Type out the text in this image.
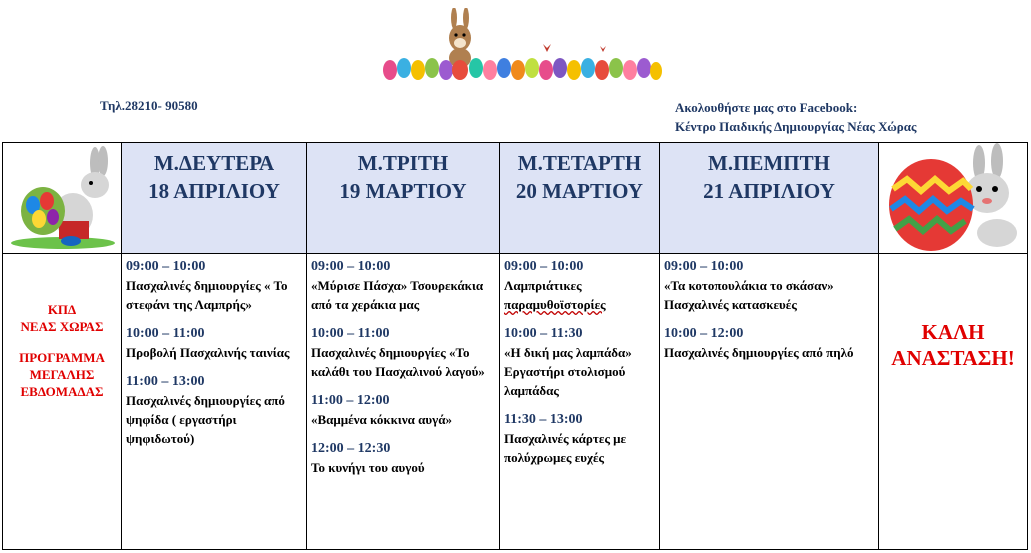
Τηλ.28210- 90580	Ακολουθήστε μας στο Facebook:
Κέντρο Παιδικής Δημιουργίας Νέας Χώρας
Μ.ΔΕΥΤΕΡΑ
18 ΑΠΡΙΛΙΟΥ
Μ.ΤΡΙΤΗ
19 ΜΑΡΤΙΟΥ
Μ.ΤΕΤΑΡΤΗ
20 ΜΑΡΤΙΟΥ
Μ.ΠΕΜΠΤΗ
21 ΑΠΡΙΛΙΟΥ
ΚΠΔ
ΝΕΑΣ ΧΩΡΑΣ
ΠΡΟΓΡΑΜΜΑ
ΜΕΓΑΛΗΣ
ΕΒΔΟΜΑΔΑΣ
09:00 – 10:00
Πασχαλινές δημιουργίες « Το στεφάνι της Λαμπρής»
10:00 – 11:00
Προβολή Πασχαλινής ταινίας
11:00 – 13:00
Πασχαλινές δημιουργίες από ψηφίδα ( εργαστήρι ψηφιδωτού)
09:00 – 10:00
«Μύρισε Πάσχα» Τσουρεκάκια από τα χεράκια μας
10:00 – 11:00
Πασχαλινές δημιουργίες «Το καλάθι του Πασχαλινού λαγού»
11:00 – 12:00
«Βαμμένα κόκκινα αυγά»
12:00 – 12:30
Το κυνήγι του αυγού
09:00 – 10:00
Λαμπριάτικες
παραμυθοϊστορίες
10:00 – 11:30
«Η δική μας λαμπάδα» Εργαστήρι στολισμού λαμπάδας
11:30 – 13:00
Πασχαλινές κάρτες με πολύχρωμες ευχές
09:00 – 10:00
«Τα κοτοπουλάκια το σκάσαν» Πασχαλινές κατασκευές
10:00 – 12:00
Πασχαλινές δημιουργίες από πηλό
ΚΑΛΗ
ΑΝΑΣΤΑΣΗ!
